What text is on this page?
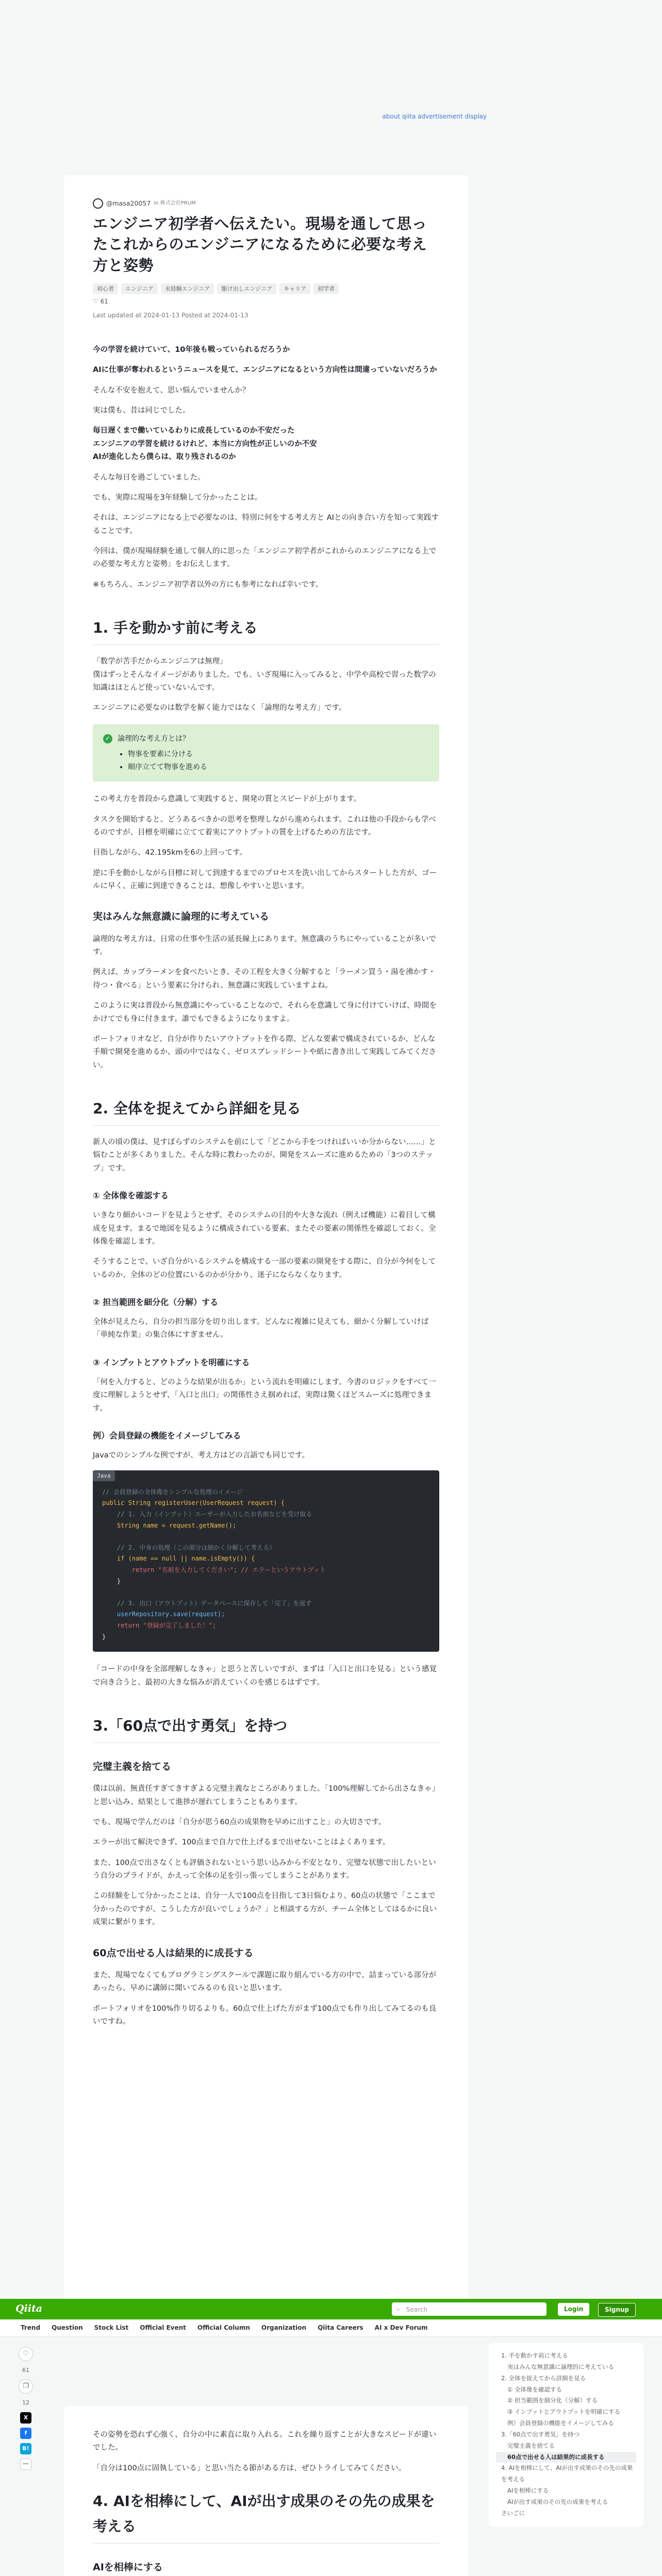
about qiita advertisement display
@masa20057 in 株式会社PRUM
エンジニア初学者へ伝えたい。現場を通して思ったこれからのエンジニアになるために必要な考え方と姿勢
初心者	エンジニア	未経験エンジニア	駆け出しエンジニア	キャリア	初学者
♡ 61
Last updated at 2024-01-13 Posted at 2024-01-13

今の学習を続けていて、10年後も戦っていられるだろうか

AIに仕事が奪われるというニュースを見て、エンジニアになるという方向性は間違っていないだろうか

そんな不安を抱えて、思い悩んでいませんか？

実は僕も、昔は同じでした。

毎日遅くまで働いているわりに成長しているのか不安だった

エンジニアの学習を続けるけれど、本当に方向性が正しいのか不安

AIが進化したら僕らは、取り残されるのか

そんな毎日を過ごしていました。

でも、実際に現場を3年経験して分かったことは。

それは、エンジニアになる上で必要なのは、特別に何をする考え方と AIとの向き合い方を知って実践することです。

今回は、僕が現場経験を通して個人的に思った「エンジニア初学者がこれからのエンジニアになる上での必要な考え方と姿勢」をお伝えします。

※もちろん、エンジニア初学者以外の方にも参考になれば幸いです。

1. 手を動かす前に考える

「数学が苦手だからエンジニアは無理」

僕はずっとそんなイメージがありました。でも、いざ現場に入ってみると、中学や高校で習った数学の知識はほとんど使っていないんです。

エンジニアに必要なのは数学を解く能力ではなく「論理的な考え方」です。

✓ 論理的な考え方とは？
• 物事を要素に分ける
• 順序立てて物事を進める

この考え方を普段から意識して実践すると、開発の質とスピードが上がります。

タスクを開始すると、どうあるべきかの思考を整理しながら進められます。これは他の手段からも学べるのですが、目標を明確に立てて着実にアウトプットの質を上げるための方法です。

目指しながら、42.195kmを6の上回ってす。

逆に手を動かしながら目標に対して到達するまでのプロセスを洗い出してからスタートした方が、ゴールに早く、正確に到達できることは、想像しやすいと思います。

実はみんな無意識に論理的に考えている

論理的な考え方は、日常の仕事や生活の延長線上にあります。無意識のうちにやっていることが多いです。

例えば、カップラーメンを食べたいとき、その工程を大きく分解すると「ラーメン買う・湯を沸かす・待つ・食べる」という要素に分けられ、無意識に実践していますよね。

このように実は普段から無意識にやっていることなので、それらを意識して身に付けていけば、時間をかけてでも身に付きます。誰でもできるようになりますよ。

ポートフォリオなど、自分が作りたいアウトプットを作る際、どんな要素で構成されているか、どんな手順で開発を進めるか、頭の中ではなく、ゼロスプレッドシートや紙に書き出して実践してみてください。

2. 全体を捉えてから詳細を見る

新人の頃の僕は、見すぼらずのシステムを前にして「どこから手をつければいいか分からない……」と悩むことが多くありました。そんな時に教わったのが、開発をスムーズに進めるための「3つのステップ」です。

① 全体像を確認する

いきなり細かいコードを見ようとせず、そのシステムの目的や大きな流れ（例えば機能）に着目して構成を見ます。まるで地図を見るように構成されている要素、またその要素の関係性を確認しておく。全体像を確認します。

そうすることで、いざ自分がいるシステムを構成する一部の要素の開発をする際に、自分が今何をしているのか、全体のどの位置にいるのかが分かり、迷子にならなくなります。

② 担当範囲を細分化（分解）する

全体が見えたら、自分の担当部分を切り出します。どんなに複雑に見えても、細かく分解していけば「単純な作業」の集合体にすぎません。

③ インプットとアウトプットを明確にする

「何を入力すると、どのような結果が出るか」という流れを明確にします。今書のロジックをすべて一度に理解しようとせず、「入口と出口」の関係性さえ掴めれば、実際は驚くほどスムーズに処理できます。

例）会員登録の機能をイメージしてみる

Javaでのシンプルな例ですが、考え方はどの言語でも同じです。

Java
// 会員登録の全体像をシンプルな処理のイメージ
public String registerUser(UserRequest request) {
// 1. 入力（インプット）ユーザーが入力したお名前などを受け取る
String name = request.getName();

// 2. 中身の処理（この部分は細かく分解して考える）
if (name == null || name.isEmpty()) {
return "名前を入力してください"; // エラーというアウトプット
}

// 3. 出口（アウトプット）データベースに保存して「完了」を返す
userRepository.save(request);
return "登録が完了しました！";
}

「コードの中身を全部理解しなきゃ」と思うと苦しいですが、まずは「入口と出口を見る」という感覚で向き合うと、最初の大きな悩みが消えていくのを感じるはずです。

3.「60点で出す勇気」を持つ
完璧主義を捨てる

僕は以前、無責任すぎてきすぎよる完璧主義なところがありました。「100%理解してから出さなきゃ」と思い込み、結果として進捗が遅れてしまうこともあります。

でも、現場で学んだのは「自分が思う60点の成果物を早めに出すこと」の大切さです。

エラーが出て解決できず、100点まで自力で仕上げるまで出せないことはよくあります。

また、100点で出さなくとも評価されないという思い込みから不安となり、完璧な状態で出したいという自分のプライドが、かえって全体の足を引っ張ってしまうことがあります。

この経験をして分かったことは、自分一人で100点を目指して3日悩むより、60点の状態で「ここまで分かったのですが、こうした方が良いでしょうか？」と相談する方が、チーム全体としてはるかに良い成果に繋がります。

60点で出せる人は結果的に成長する

また、現場でなくてもプログラミングスクールで課題に取り組んでいる方の中で、詰まっている部分があったら、早めに講師に聞いてみるのも良いと思います。

ポートフォリオを100%作り切るよりも、60点で仕上げた方がまず100点でも作り出してみてるのも良いですね。

Qiita	⌕ Search	Login	Signup
Trend Question Stock List Official Event Official Column Organization Qiita Careers AI x Dev Forum
♡
61
❐
12
X
f
B!
⋯
1. 手を動かす前に考える
実はみんな無意識に論理的に考えている
2. 全体を捉えてから詳細を見る
① 全体像を確認する
② 担当範囲を細分化（分解）する
③ インプットとアウトプットを明確にする
例）会員登録の機能をイメージしてみる
3.「60点で出す勇気」を持つ
完璧主義を捨てる
60点で出せる人は結果的に成長する
4. AIを相棒にして、AIが出す成果のその先の成果を考える
AIを相棒にする
AIが出す成果のその先の成果を考える
さいごに

その姿勢を恐れず心強く、自分の中に素直に取り入れる。これを繰り返すことが大きなスピードが違いでした。

「自分は100点に固執している」と思い当たる節がある方は、ぜひトライしてみてください。

4. AIを相棒にして、AIが出す成果のその先の成果を考える
AIを相棒にする
